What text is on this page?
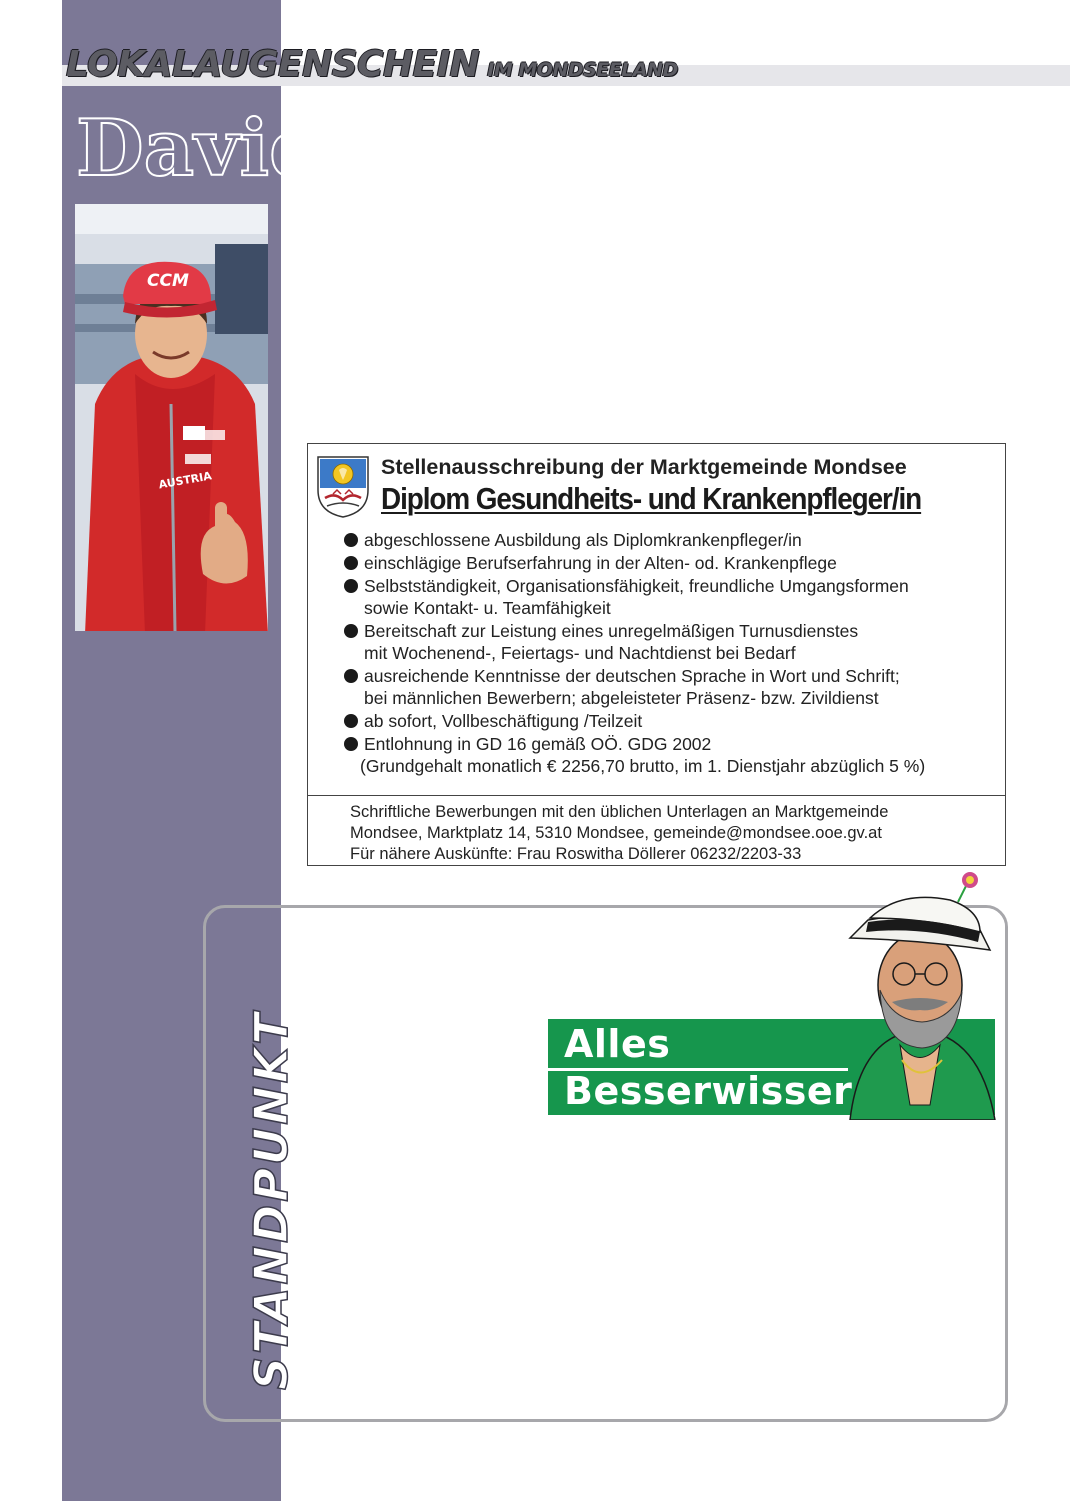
LOKALAUGENSCHEIN IM MONDSEELAND
David
CCM
AUSTRIA
Stellenausschreibung der Marktgemeinde Mondsee
Diplom Gesundheits- und Krankenpfleger/in
abgeschlossene Ausbildung als Diplomkrankenpfleger/in
einschlägige Berufserfahrung in der Alten- od. Krankenpflege
Selbstständigkeit, Organisationsfähigkeit, freundliche Umgangsformen
sowie Kontakt- u. Teamfähigkeit
Bereitschaft zur Leistung eines unregelmäßigen Turnusdienstes
mit Wochenend-, Feiertags- und Nachtdienst bei Bedarf
ausreichende Kenntnisse der deutschen Sprache in Wort und Schrift;
bei männlichen Bewerbern; abgeleisteter Präsenz- bzw. Zivildienst
ab sofort, Vollbeschäftigung /Teilzeit
Entlohnung in GD 16 gemäß OÖ. GDG 2002
(Grundgehalt monatlich € 2256,70 brutto, im 1. Dienstjahr abzüglich 5 %)
Schriftliche Bewerbungen mit den üblichen Unterlagen an Marktgemeinde
Mondsee, Marktplatz 14, 5310 Mondsee, gemeinde@mondsee.ooe.gv.at
Für nähere Auskünfte: Frau Roswitha Döllerer 06232/2203-33
STANDPUNKT	Alles
Besserwisser
